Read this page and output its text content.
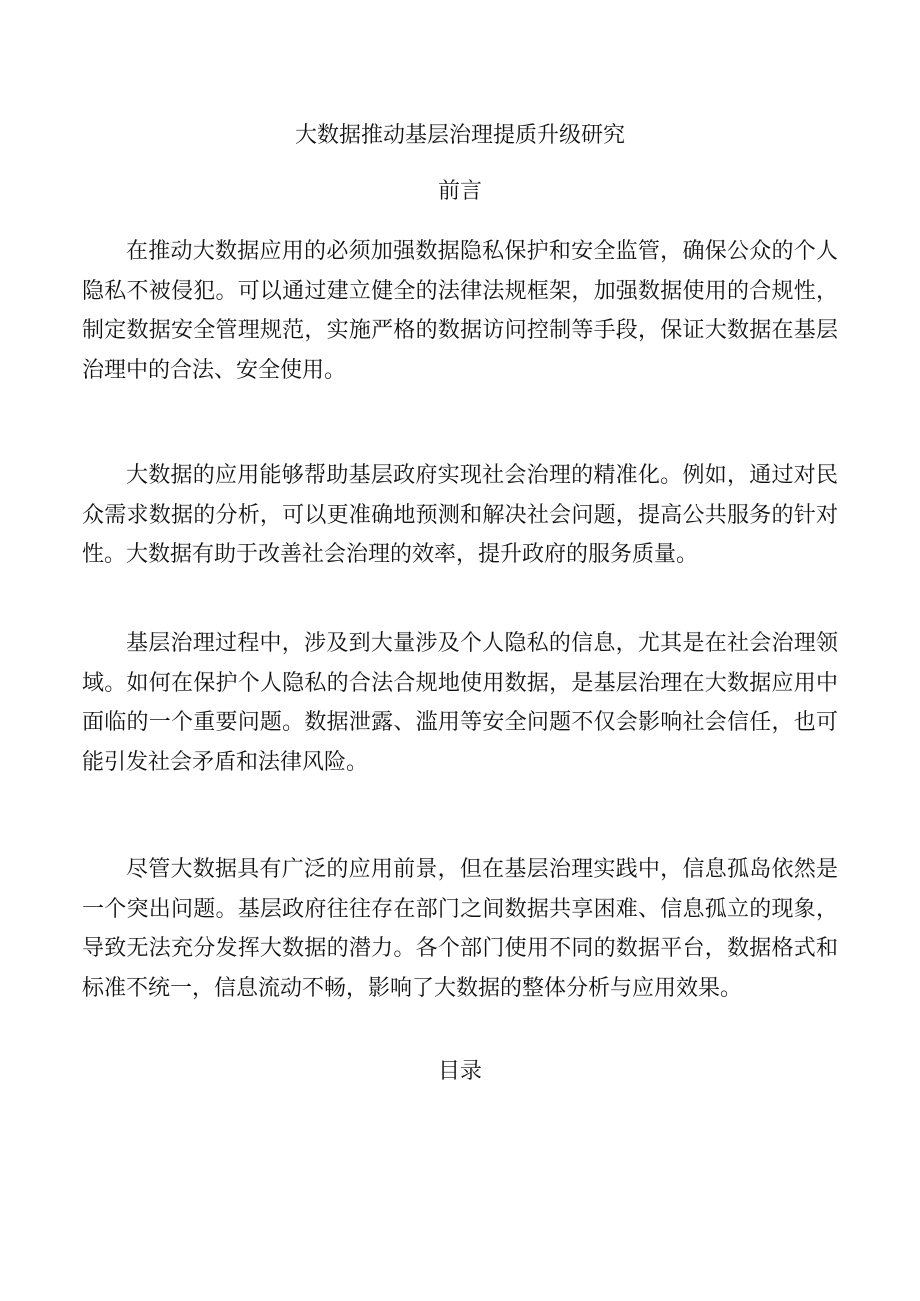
大数据推动基层治理提质升级研究
前言

在推动大数据应用的必须加强数据隐私保护和安全监管，确保公众的个人隐私不被侵犯。可以通过建立健全的法律法规框架，加强数据使用的合规性，制定数据安全管理规范，实施严格的数据访问控制等手段，保证大数据在基层治理中的合法、安全使用。

大数据的应用能够帮助基层政府实现社会治理的精准化。例如，通过对民众需求数据的分析，可以更准确地预测和解决社会问题，提高公共服务的针对性。大数据有助于改善社会治理的效率，提升政府的服务质量。

基层治理过程中，涉及到大量涉及个人隐私的信息，尤其是在社会治理领域。如何在保护个人隐私的合法合规地使用数据，是基层治理在大数据应用中面临的一个重要问题。数据泄露、滥用等安全问题不仅会影响社会信任，也可能引发社会矛盾和法律风险。

尽管大数据具有广泛的应用前景，但在基层治理实践中，信息孤岛依然是一个突出问题。基层政府往往存在部门之间数据共享困难、信息孤立的现象，导致无法充分发挥大数据的潜力。各个部门使用不同的数据平台，数据格式和标准不统一，信息流动不畅，影响了大数据的整体分析与应用效果。

目录
